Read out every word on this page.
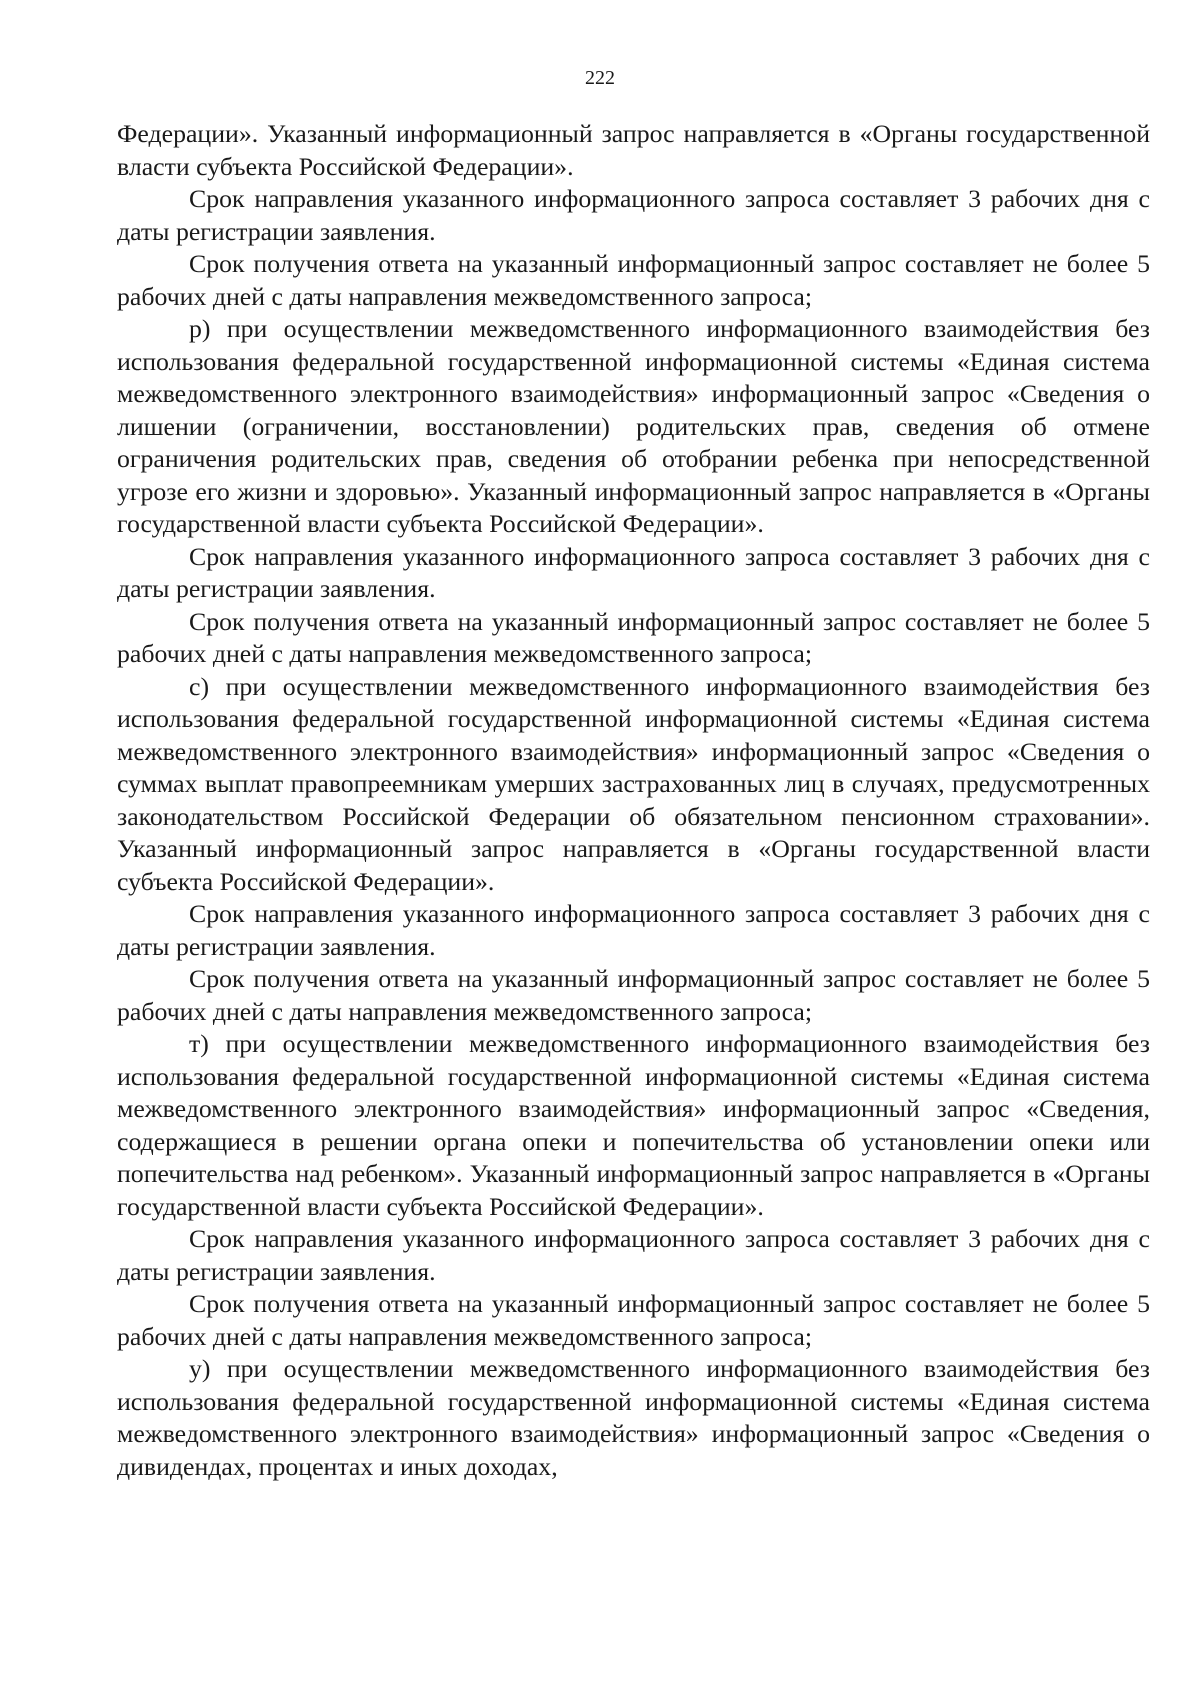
222

Федерации». Указанный информационный запрос направляется в «Органы государственной власти субъекта Российской Федерации».

Срок направления указанного информационного запроса составляет 3 рабочих дня с даты регистрации заявления.

Срок получения ответа на указанный информационный запрос составляет не более 5 рабочих дней с даты направления межведомственного запроса;

р) при осуществлении межведомственного информационного взаимодействия без использования федеральной государственной информационной системы «Единая система межведомственного электронного взаимодействия» информационный запрос «Сведения о лишении (ограничении, восстановлении) родительских прав, сведения об отмене ограничения родительских прав, сведения об отобрании ребенка при непосредственной угрозе его жизни и здоровью». Указанный информационный запрос направляется в «Органы государственной власти субъекта Российской Федерации».

Срок направления указанного информационного запроса составляет 3 рабочих дня с даты регистрации заявления.

Срок получения ответа на указанный информационный запрос составляет не более 5 рабочих дней с даты направления межведомственного запроса;

с) при осуществлении межведомственного информационного взаимодействия без использования федеральной государственной информационной системы «Единая система межведомственного электронного взаимодействия» информационный запрос «Сведения о суммах выплат правопреемникам умерших застрахованных лиц в случаях, предусмотренных законодательством Российской Федерации об обязательном пенсионном страховании». Указанный информационный запрос направляется в «Органы государственной власти субъекта Российской Федерации».

Срок направления указанного информационного запроса составляет 3 рабочих дня с даты регистрации заявления.

Срок получения ответа на указанный информационный запрос составляет не более 5 рабочих дней с даты направления межведомственного запроса;

т) при осуществлении межведомственного информационного взаимодействия без использования федеральной государственной информационной системы «Единая система межведомственного электронного взаимодействия» информационный запрос «Сведения, содержащиеся в решении органа опеки и попечительства об установлении опеки или попечительства над ребенком». Указанный информационный запрос направляется в «Органы государственной власти субъекта Российской Федерации».

Срок направления указанного информационного запроса составляет 3 рабочих дня с даты регистрации заявления.

Срок получения ответа на указанный информационный запрос составляет не более 5 рабочих дней с даты направления межведомственного запроса;

у) при осуществлении межведомственного информационного взаимодействия без использования федеральной государственной информационной системы «Единая система межведомственного электронного взаимодействия» информационный запрос «Сведения о дивидендах, процентах и иных доходах,
